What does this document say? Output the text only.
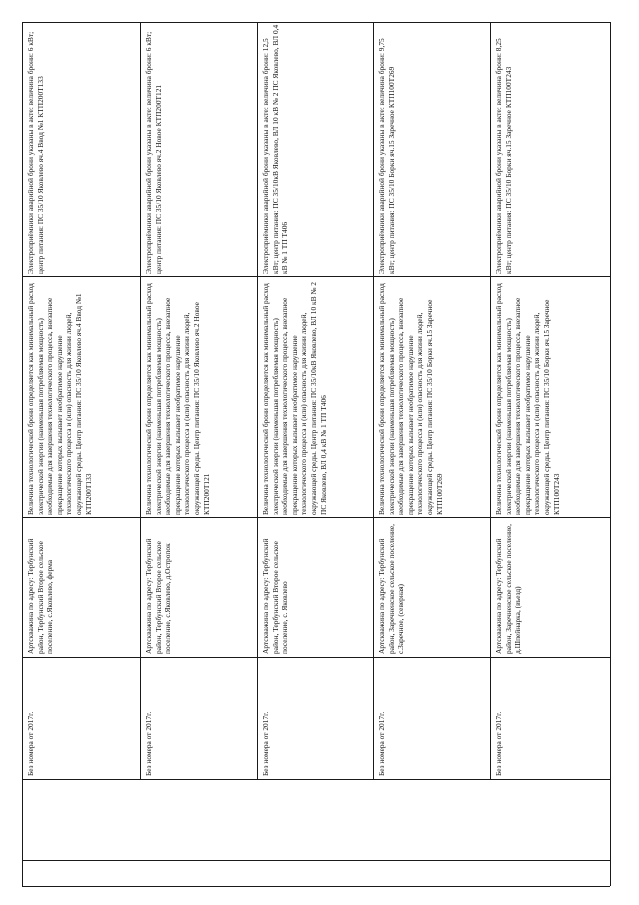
Артскважина по адресу: Тербунский район, Тербунский Второе сельское поселение, с.Яковлево, ферма
Без номера от 2017г.
Величина технологической брони определяется как минимальный расход электрической энергии (наименьшая потребляемая мощность) необходимые для завершения технологического процесса, внезапное прекращение которых вызывает необратимое нарушение технологического процесса и (или) опасность для жизни людей, окружающей среды. Центр питания: ПС 35/10 Яковлево яч.4 Ввод №1 КТП200Т133
Электроприёмники аварийной брони указаны в акте: величина брони: 6 кВт; центр питания: ПС 35/10 Яковлево яч.4 Ввод №1 КТП200Т133
Артскважина по адресу: Тербунский район, Тербунский Второе сельское поселение, с.Яковлево, д.Остропок
Без номера от 2017г.
Величина технологической брони определяется как минимальный расход электрической энергии (наименьшая потребляемая мощность) необходимые для завершения технологического процесса, внезапное прекращение которых вызывает необратимое нарушение технологического процесса и (или) опасность для жизни людей, окружающей среды. Центр питания: ПС 35/10 Яковлево яч.2 Новое КТП200Т121
Электроприёмники аварийной брони указаны в акте: величина брони: 6 кВт; центр питания: ПС 35/10 Яковлево яч.2 Новое КТП200Т121
Артскважина по адресу: Тербунский район, Тербунский Второе сельское поселение, с. Яковлево
Без номера от 2017г.
Величина технологической брони определяется как минимальный расход электрической энергии (наименьшая потребляемая мощность) необходимые для завершения технологического процесса, внезапное прекращение которых вызывает необратимое нарушение технологического процесса и (или) опасность для жизни людей, окружающей среды. Центр питания: ПС 35/10кВ Яковлево, ВЛ 10 кВ № 2 ПС Яковлево, ВЛ 0,4 кВ № 1 ТП Т406
Электроприёмники аварийной брони указаны в акте: величина брони: 12,5 кВт; центр питания: ПС 35/10кВ Яковлево, ВЛ 10 кВ № 2 ПС Яковлево, ВЛ 0,4 кВ № 1 ТП Т406
Артскважина по адресу: Тербунский район, Заречненское сельское поселение, с.Заречное, (северная)
Без номера от 2017г.
Величина технологической брони определяется как минимальный расход электрической энергии (наименьшая потребляемая мощность) необходимые для завершения технологического процесса, внезапное прекращение которых вызывает необратимое нарушение технологического процесса и (или) опасность для жизни людей, окружающей среды. Центр питания: ПС 35/10 Борки яч.15 Заречное КТП100Т269
Электроприёмники аварийной брони указаны в акте: величина брони: 9,75 кВт; центр питания: ПС 35/10 Борки яч.15 Заречное КТП100Т269
Артскважина по адресу: Тербунский район, Заречненское сельское поселение, д.Шпейнарка, (въезд)
Без номера от 2017г.
Величина технологической брони определяется как минимальный расход электрической энергии (наименьшая потребляемая мощность) необходимые для завершения технологического процесса, внезапное прекращение которых вызывает необратимое нарушение технологического процесса и (или) опасность для жизни людей, окружающей среды. Центр питания: ПС 35/10 Борки яч.15 Заречное КТП100Т243
Электроприёмники аварийной брони указаны в акте: величина брони: 8,25 кВт; центр питания: ПС 35/10 Борки яч.15 Заречное КТП100Т243
